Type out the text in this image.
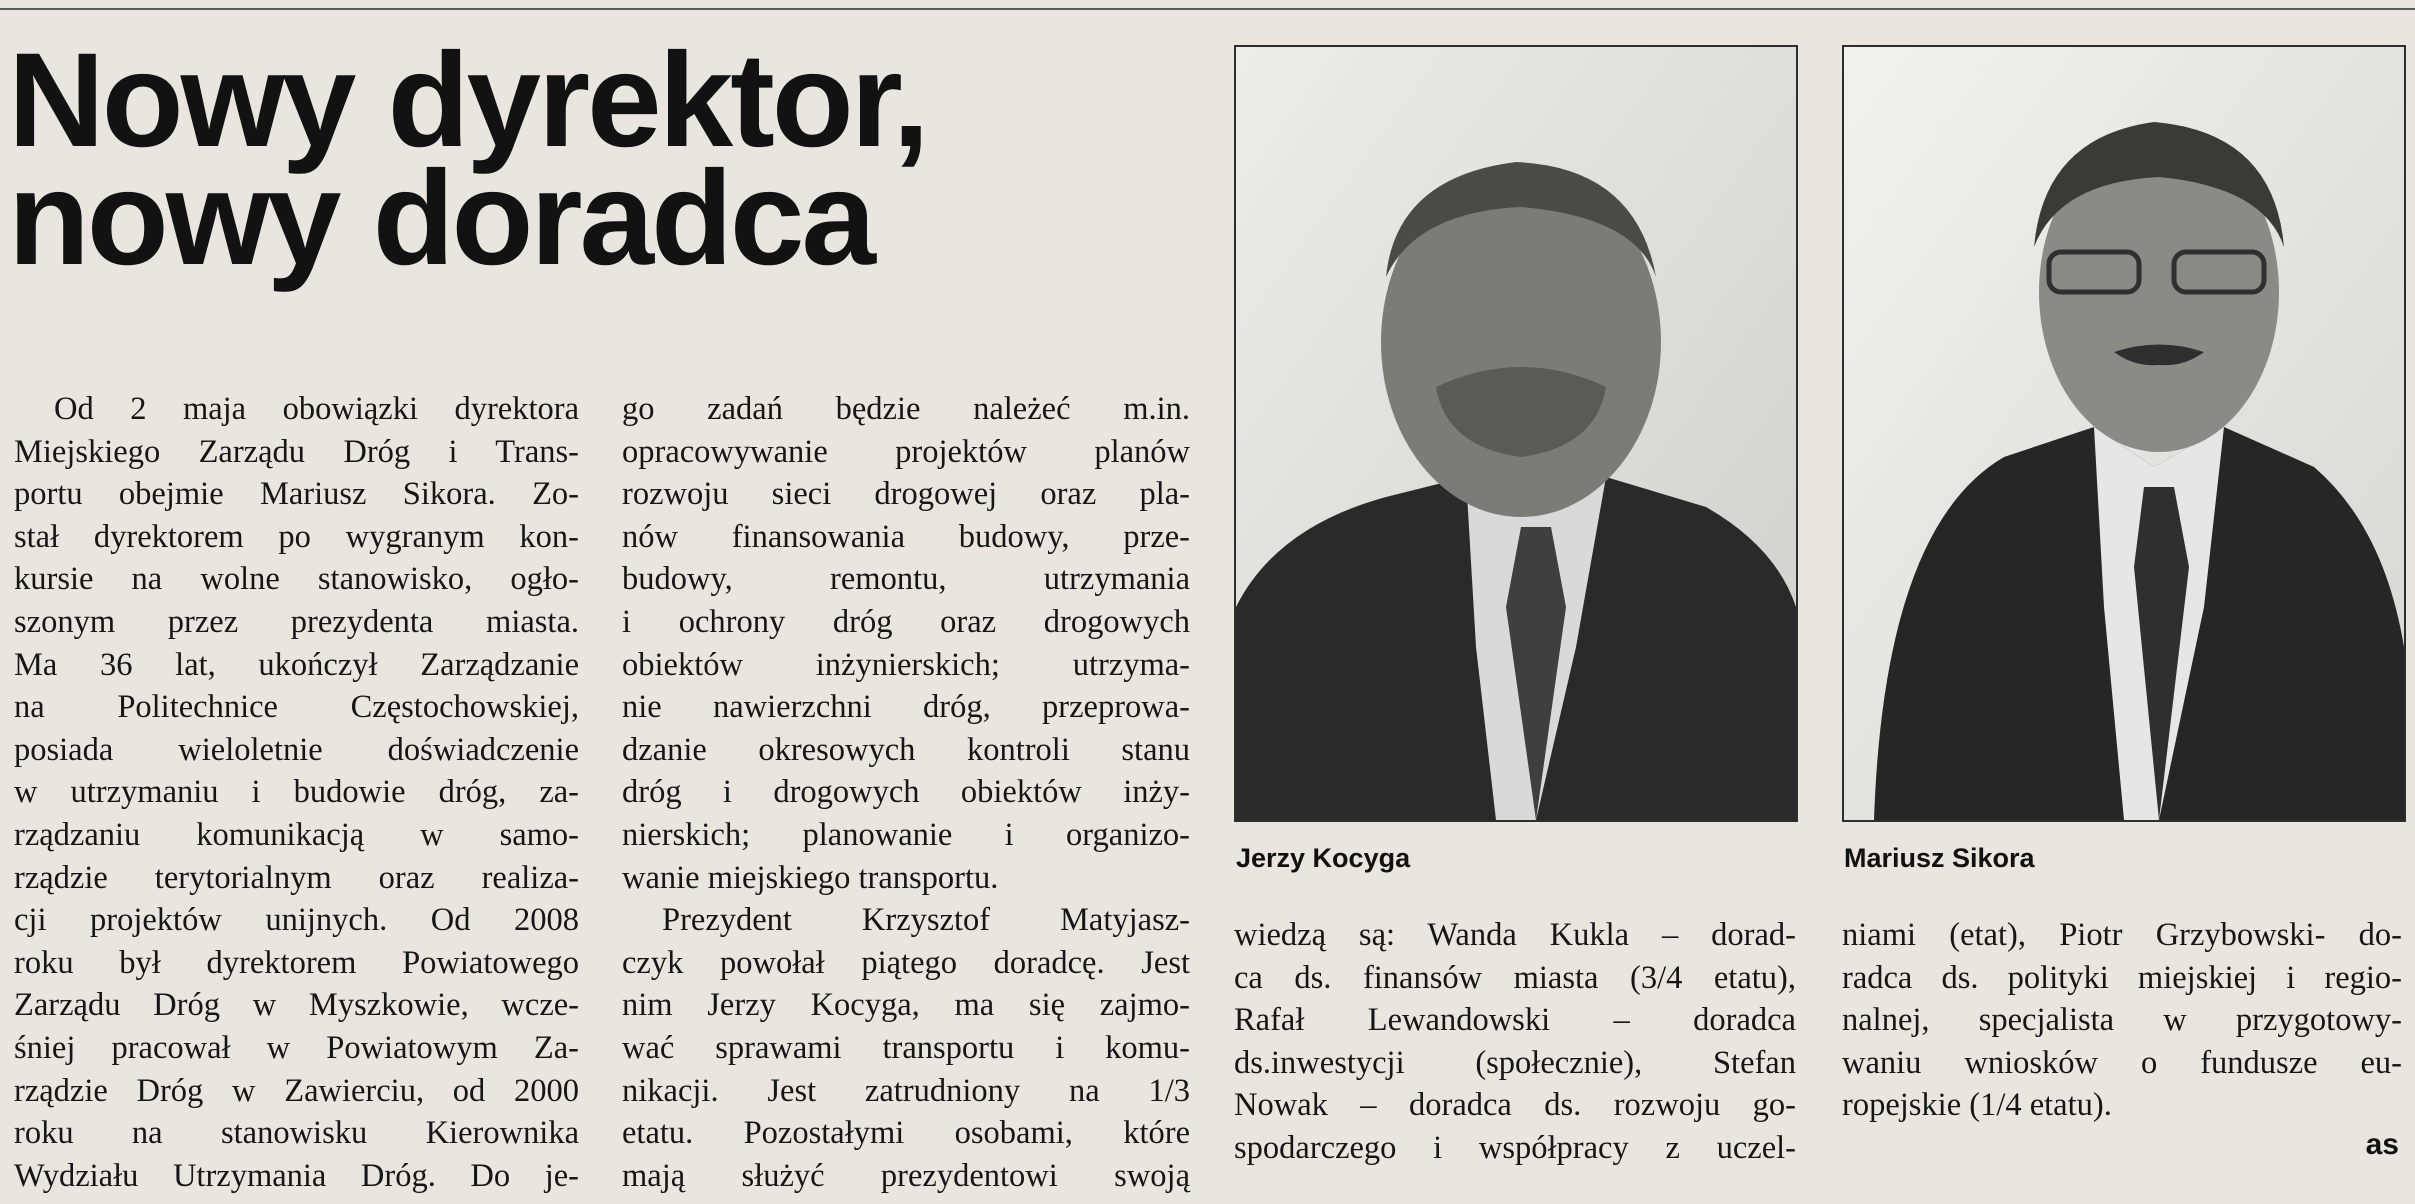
Nowy dyrektor,
nowy doradca

Od 2 maja obowiązki dyrektora

Miejskiego Zarządu Dróg i Trans-
portu obejmie Mariusz Sikora. Zo-
stał dyrektorem po wygranym kon-
kursie na wolne stanowisko, ogło-
szonym przez prezydenta miasta.
Ma 36 lat, ukończył Zarządzanie
na Politechnice Częstochowskiej,
posiada wieloletnie doświadczenie
w utrzymaniu i budowie dróg, za-
rządzaniu komunikacją w samo-
rządzie terytorialnym oraz realiza-
cji projektów unijnych. Od 2008
roku był dyrektorem Powiatowego
Zarządu Dróg w Myszkowie, wcze-
śniej pracował w Powiatowym Za-
rządzie Dróg w Zawierciu, od 2000
roku na stanowisku Kierownika
Wydziału Utrzymania Dróg. Do je-
go zadań będzie należeć m.in.
opracowywanie projektów planów
rozwoju sieci drogowej oraz pla-
nów finansowania budowy, prze-
budowy, remontu, utrzymania
i ochrony dróg oraz drogowych
obiektów inżynierskich; utrzyma-
nie nawierzchni dróg, przeprowa-
dzanie okresowych kontroli stanu
dróg i drogowych obiektów inży-
nierskich; planowanie i organizo-
wanie miejskiego transportu.
Prezydent Krzysztof Matyjasz-
czyk powołał piątego doradcę. Jest
nim Jerzy Kocyga, ma się zajmo-
wać sprawami transportu i komu-
nikacji. Jest zatrudniony na 1/3
etatu. Pozostałymi osobami, które
mają służyć prezydentowi swoją
Jerzy Kocyga	Mariusz Sikora
wiedzą są: Wanda Kukla – dorad-
ca ds. finansów miasta (3/4 etatu),
Rafał Lewandowski – doradca
ds.inwestycji (społecznie), Stefan
Nowak – doradca ds. rozwoju go-
spodarczego i współpracy z uczel-
niami (etat), Piotr Grzybowski- do-
radca ds. polityki miejskiej i regio-
nalnej, specjalista w przygotowy-
waniu wniosków o fundusze eu-
ropejskie (1/4 etatu).
as
